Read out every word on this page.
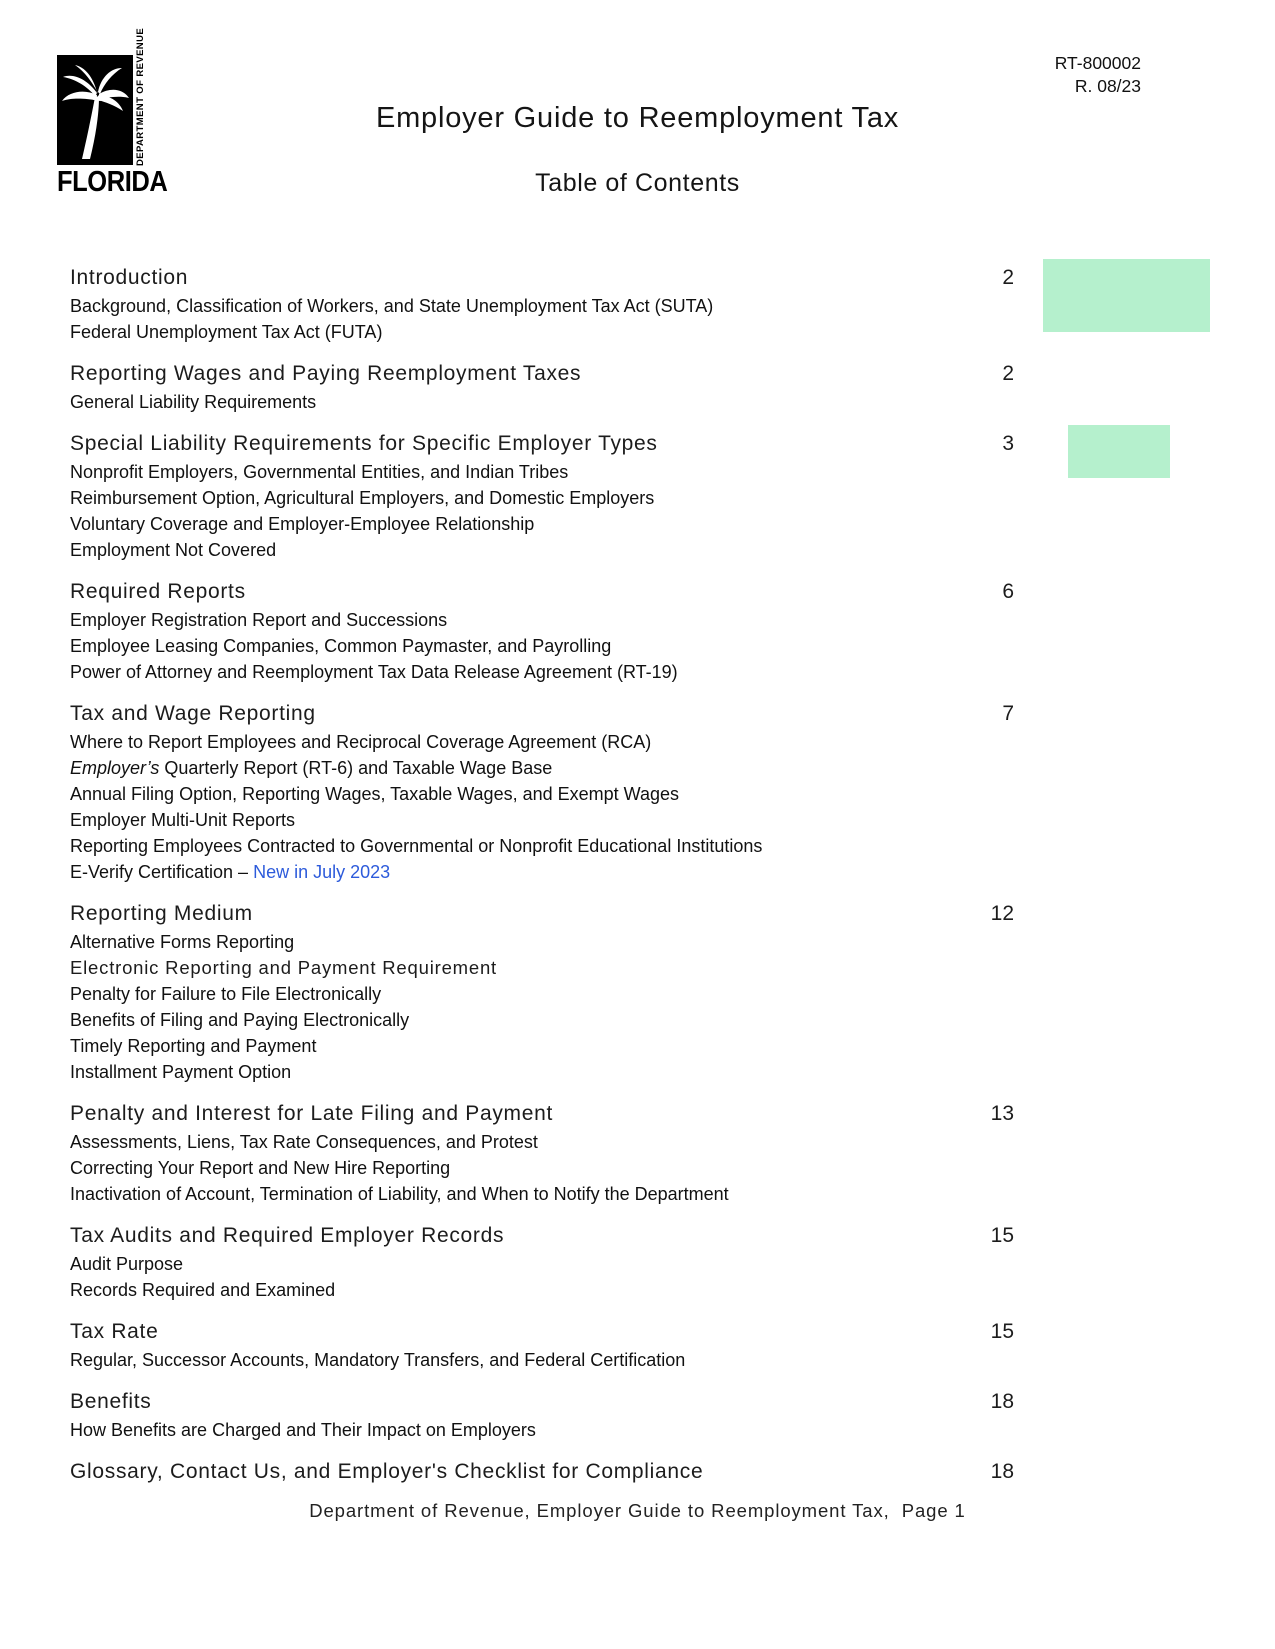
DEPARTMENT OF REVENUE
FLORIDA
RT-800002
R. 08/23
Employer Guide to Reemployment Tax
Table of Contents
Introduction	2
Background, Classification of Workers, and State Unemployment Tax Act (SUTA)
Federal Unemployment Tax Act (FUTA)
Reporting Wages and Paying Reemployment Taxes	2
General Liability Requirements
Special Liability Requirements for Specific Employer Types	3
Nonprofit Employers, Governmental Entities, and Indian Tribes
Reimbursement Option, Agricultural Employers, and Domestic Employers
Voluntary Coverage and Employer-Employee Relationship
Employment Not Covered
Required Reports	6
Employer Registration Report and Successions
Employee Leasing Companies, Common Paymaster, and Payrolling
Power of Attorney and Reemployment Tax Data Release Agreement (RT-19)
Tax and Wage Reporting	7
Where to Report Employees and Reciprocal Coverage Agreement (RCA)
Employer’s Quarterly Report (RT-6) and Taxable Wage Base
Annual Filing Option, Reporting Wages, Taxable Wages, and Exempt Wages
Employer Multi-Unit Reports
Reporting Employees Contracted to Governmental or Nonprofit Educational Institutions
E-Verify Certification – New in July 2023
Reporting Medium	12
Alternative Forms Reporting
Electronic Reporting and Payment Requirement
Penalty for Failure to File Electronically
Benefits of Filing and Paying Electronically
Timely Reporting and Payment
Installment Payment Option
Penalty and Interest for Late Filing and Payment	13
Assessments, Liens, Tax Rate Consequences, and Protest
Correcting Your Report and New Hire Reporting
Inactivation of Account, Termination of Liability, and When to Notify the Department
Tax Audits and Required Employer Records	15
Audit Purpose
Records Required and Examined
Tax Rate	15
Regular, Successor Accounts, Mandatory Transfers, and Federal Certification
Benefits	18
How Benefits are Charged and Their Impact on Employers
Glossary, Contact Us, and Employer's Checklist for Compliance	18
Department of Revenue, Employer Guide to Reemployment Tax,  Page 1
